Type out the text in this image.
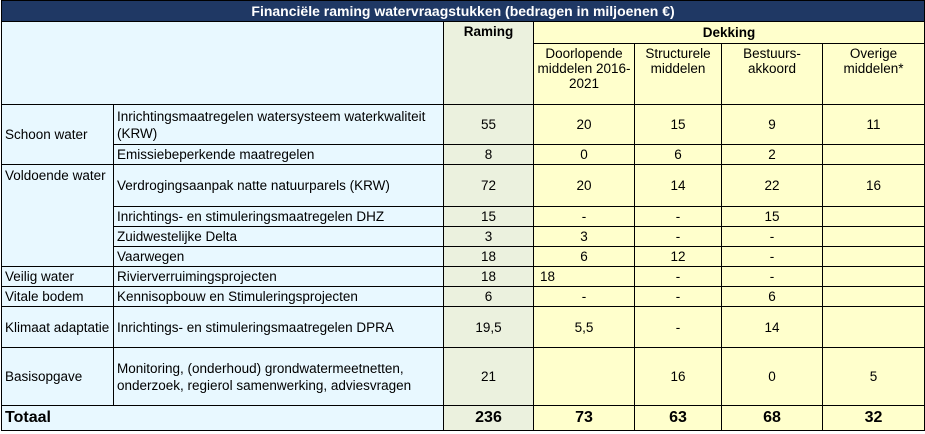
Financiële raming watervraagstukken (bedragen in miljoenen €)						
		Raming	Dekking			
			Doorlopende middelen 2016-2021	Structurele middelen	Bestuurs-akkoord	Overige middelen*
Schoon water	Inrichtingsmaatregelen watersysteem waterkwaliteit (KRW)	55	20	15	9	11
	Emissiebeperkende maatregelen	8	0	6	2	
Voldoende water	Verdrogingsaanpak natte natuurparels (KRW)	72	20	14	22	16
	Inrichtings- en stimuleringsmaatregelen DHZ	15	-	-	15	
	Zuidwestelijke Delta	3	3	-	-	
	Vaarwegen	18	6	12	-	
Veilig water	Rivierverruimingsprojecten	18	18	-	-	
Vitale bodem	Kennisopbouw en Stimuleringsprojecten	6	-	-	6	
Klimaat adaptatie	Inrichtings- en stimuleringsmaatregelen DPRA	19,5	5,5	-	14	
Basisopgave	Monitoring, (onderhoud) grondwatermeetnetten, onderzoek, regierol samenwerking, adviesvragen	21		16	0	5
Totaal		236	73	63	68	32
